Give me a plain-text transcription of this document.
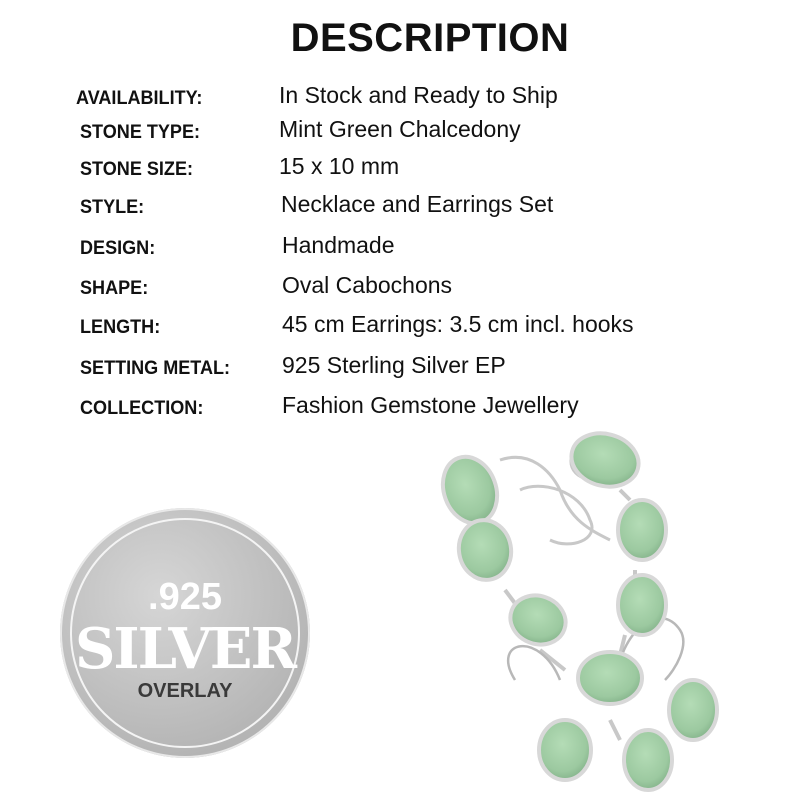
DESCRIPTION
AVAILABILITY:	In Stock and Ready to Ship
STONE TYPE:	Mint Green Chalcedony
STONE SIZE:	15 x 10 mm
STYLE:	Necklace and Earrings Set
DESIGN:	Handmade
SHAPE:	Oval Cabochons
LENGTH:	45 cm Earrings: 3.5 cm incl. hooks
SETTING METAL: 925 Sterling Silver EP
COLLECTION:	Fashion Gemstone Jewellery
.925
SILVER
OVERLAY
